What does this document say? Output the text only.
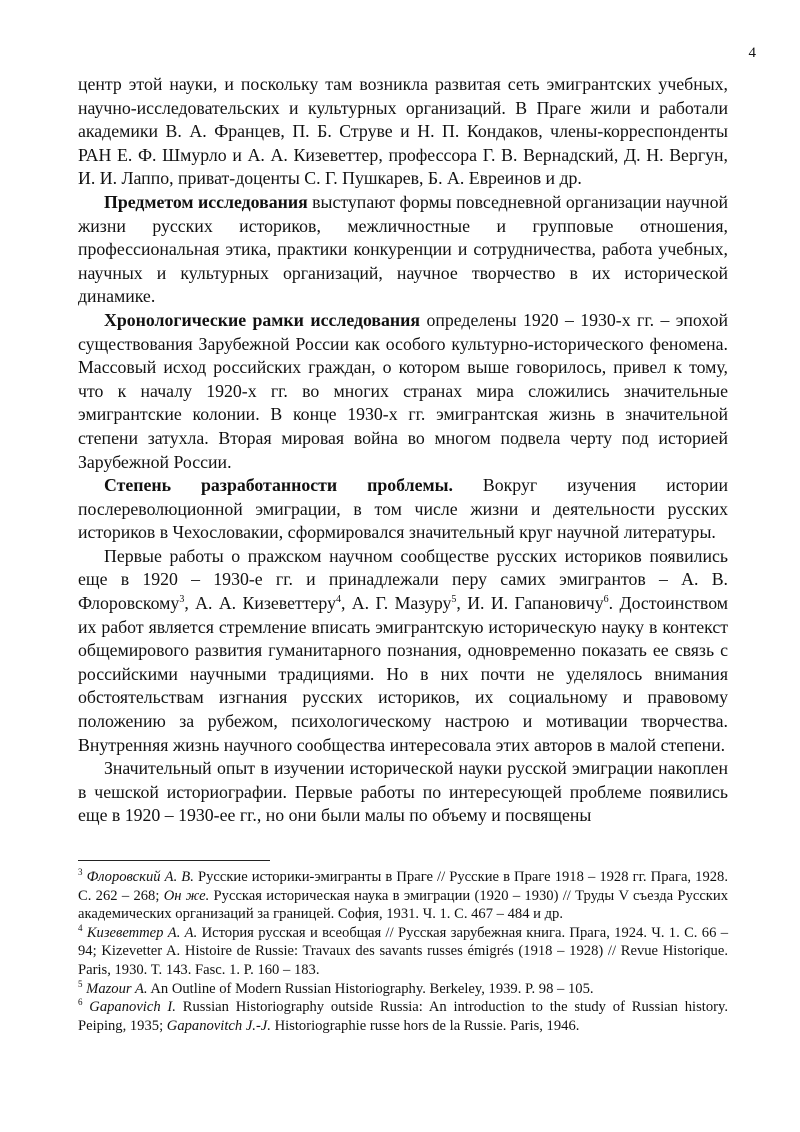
4

центр этой науки, и поскольку там возникла развитая сеть эмигрантских учебных, научно-исследовательских и культурных организаций. В Праге жили и работали академики В. А. Францев, П. Б. Струве и Н. П. Кондаков, члены-корреспонденты РАН Е. Ф. Шмурло и А. А. Кизеветтер, профессора Г. В. Вернадский, Д. Н. Вергун, И. И. Лаппо, приват-доценты С. Г. Пушкарев, Б. А. Евреинов и др.

Предметом исследования выступают формы повседневной организации научной жизни русских историков, межличностные и групповые отношения, профессиональная этика, практики конкуренции и сотрудничества, работа учебных, научных и культурных организаций, научное творчество в их исторической динамике.

Хронологические рамки исследования определены 1920 – 1930-х гг. – эпохой существования Зарубежной России как особого культурно-исторического феномена. Массовый исход российских граждан, о котором выше говорилось, привел к тому, что к началу 1920-х гг. во многих странах мира сложились значительные эмигрантские колонии. В конце 1930-х гг. эмигрантская жизнь в значительной степени затухла. Вторая мировая война во многом подвела черту под историей Зарубежной России.

Степень разработанности проблемы. Вокруг изучения истории послереволюционной эмиграции, в том числе жизни и деятельности русских историков в Чехословакии, сформировался значительный круг научной литературы.

Первые работы о пражском научном сообществе русских историков появились еще в 1920 – 1930-е гг. и принадлежали перу самих эмигрантов – А. В. Флоровскому$^3$, А. А. Кизеветтеру$^4$, А. Г. Мазуру$^5$, И. И. Гапановичу$^6$. Достоинством их работ является стремление вписать эмигрантскую историческую науку в контекст общемирового развития гуманитарного познания, одновременно показать ее связь с российскими научными традициями. Но в них почти не уделялось внимания обстоятельствам изгнания русских историков, их социальному и правовому положению за рубежом, психологическому настрою и мотивации творчества. Внутренняя жизнь научного сообщества интересовала этих авторов в малой степени.

Значительный опыт в изучении исторической науки русской эмиграции накоплен в чешской историографии. Первые работы по интересующей проблеме появились еще в 1920 – 1930-ее гг., но они были малы по объему и посвящены

$^3$ Флоровский А. В. Русские историки-эмигранты в Праге // Русские в Праге 1918 – 1928 гг. Прага, 1928. С. 262 – 268; Он же. Русская историческая наука в эмиграции (1920 – 1930) // Труды V съезда Русских академических организаций за границей. София, 1931. Ч. 1. С. 467 – 484 и др.

$^4$ Кизеветтер А. А. История русская и всеобщая // Русская зарубежная книга. Прага, 1924. Ч. 1. С. 66 – 94; Kizevetter A. Histoire de Russie: Travaux des savants russes émigrés (1918 – 1928) // Revue Historique. Paris, 1930. T. 143. Fasc. 1. P. 160 – 183.

$^5$ Mazour A. An Outline of Modern Russian Historiography. Berkeley, 1939. P. 98 – 105.

$^6$ Gapanovich I. Russian Historiography outside Russia: An introduction to the study of Russian history. Peiping, 1935; Gapanovitch J.-J. Historiographie russe hors de la Russie. Paris, 1946.
